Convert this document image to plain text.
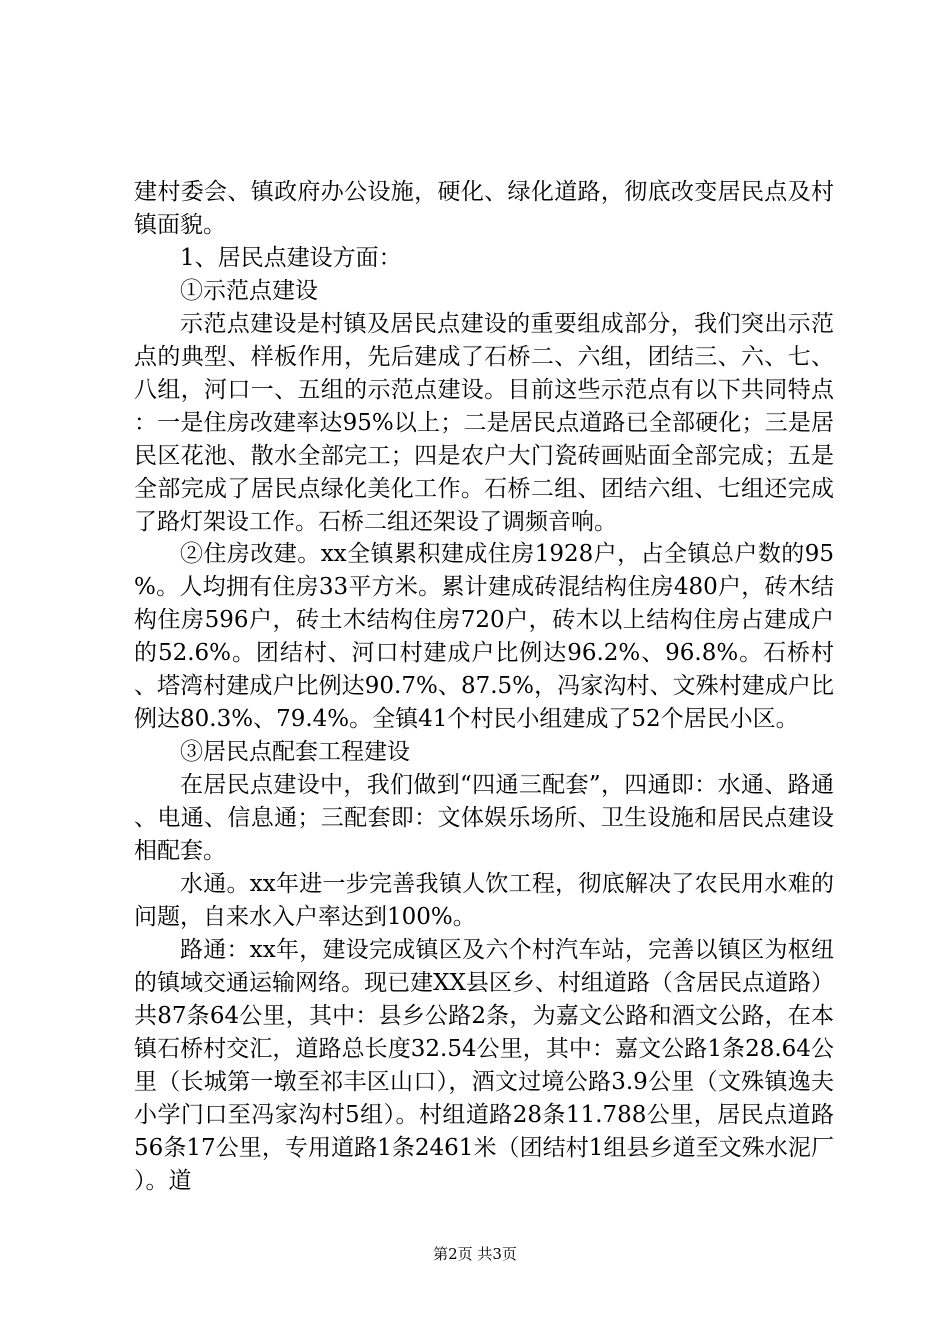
建村委会、镇政府办公设施，硬化、绿化道路，彻底改变居民点及村镇面貌。

1、居民点建设方面：

①示范点建设

示范点建设是村镇及居民点建设的重要组成部分，我们突出示范点的典型、样板作用，先后建成了石桥二、六组，团结三、六、七、八组，河口一、五组的示范点建设。目前这些示范点有以下共同特点：一是住房改建率达95%以上；二是居民点道路已全部硬化；三是居民区花池、散水全部完工；四是农户大门瓷砖画贴面全部完成；五是全部完成了居民点绿化美化工作。石桥二组、团结六组、七组还完成了路灯架设工作。石桥二组还架设了调频音响。

②住房改建。xx全镇累积建成住房1928户，占全镇总户数的95%。人均拥有住房33平方米。累计建成砖混结构住房480户，砖木结构住房596户，砖土木结构住房720户，砖木以上结构住房占建成户的52.6%。团结村、河口村建成户比例达96.2%、96.8%。石桥村、塔湾村建成户比例达90.7%、87.5%，冯家沟村、文殊村建成户比例达80.3%、79.4%。全镇41个村民小组建成了52个居民小区。

③居民点配套工程建设

在居民点建设中，我们做到“四通三配套”，四通即：水通、路通、电通、信息通；三配套即：文体娱乐场所、卫生设施和居民点建设相配套。

水通。xx年进一步完善我镇人饮工程，彻底解决了农民用水难的问题，自来水入户率达到100%。

路通：xx年，建设完成镇区及六个村汽车站，完善以镇区为枢纽的镇域交通运输网络。现已建XX县区乡、村组道路（含居民点道路）共87条64公里，其中：县乡公路2条，为嘉文公路和酒文公路，在本镇石桥村交汇，道路总长度32.54公里，其中：嘉文公路1条28.64公里（长城第一墩至祁丰区山口），酒文过境公路3.9公里（文殊镇逸夫小学门口至冯家沟村5组）。村组道路28条11.788公里，居民点道路56条17公里，专用道路1条2461米（团结村1组县乡道至文殊水泥厂）。道

第2页 共3页
